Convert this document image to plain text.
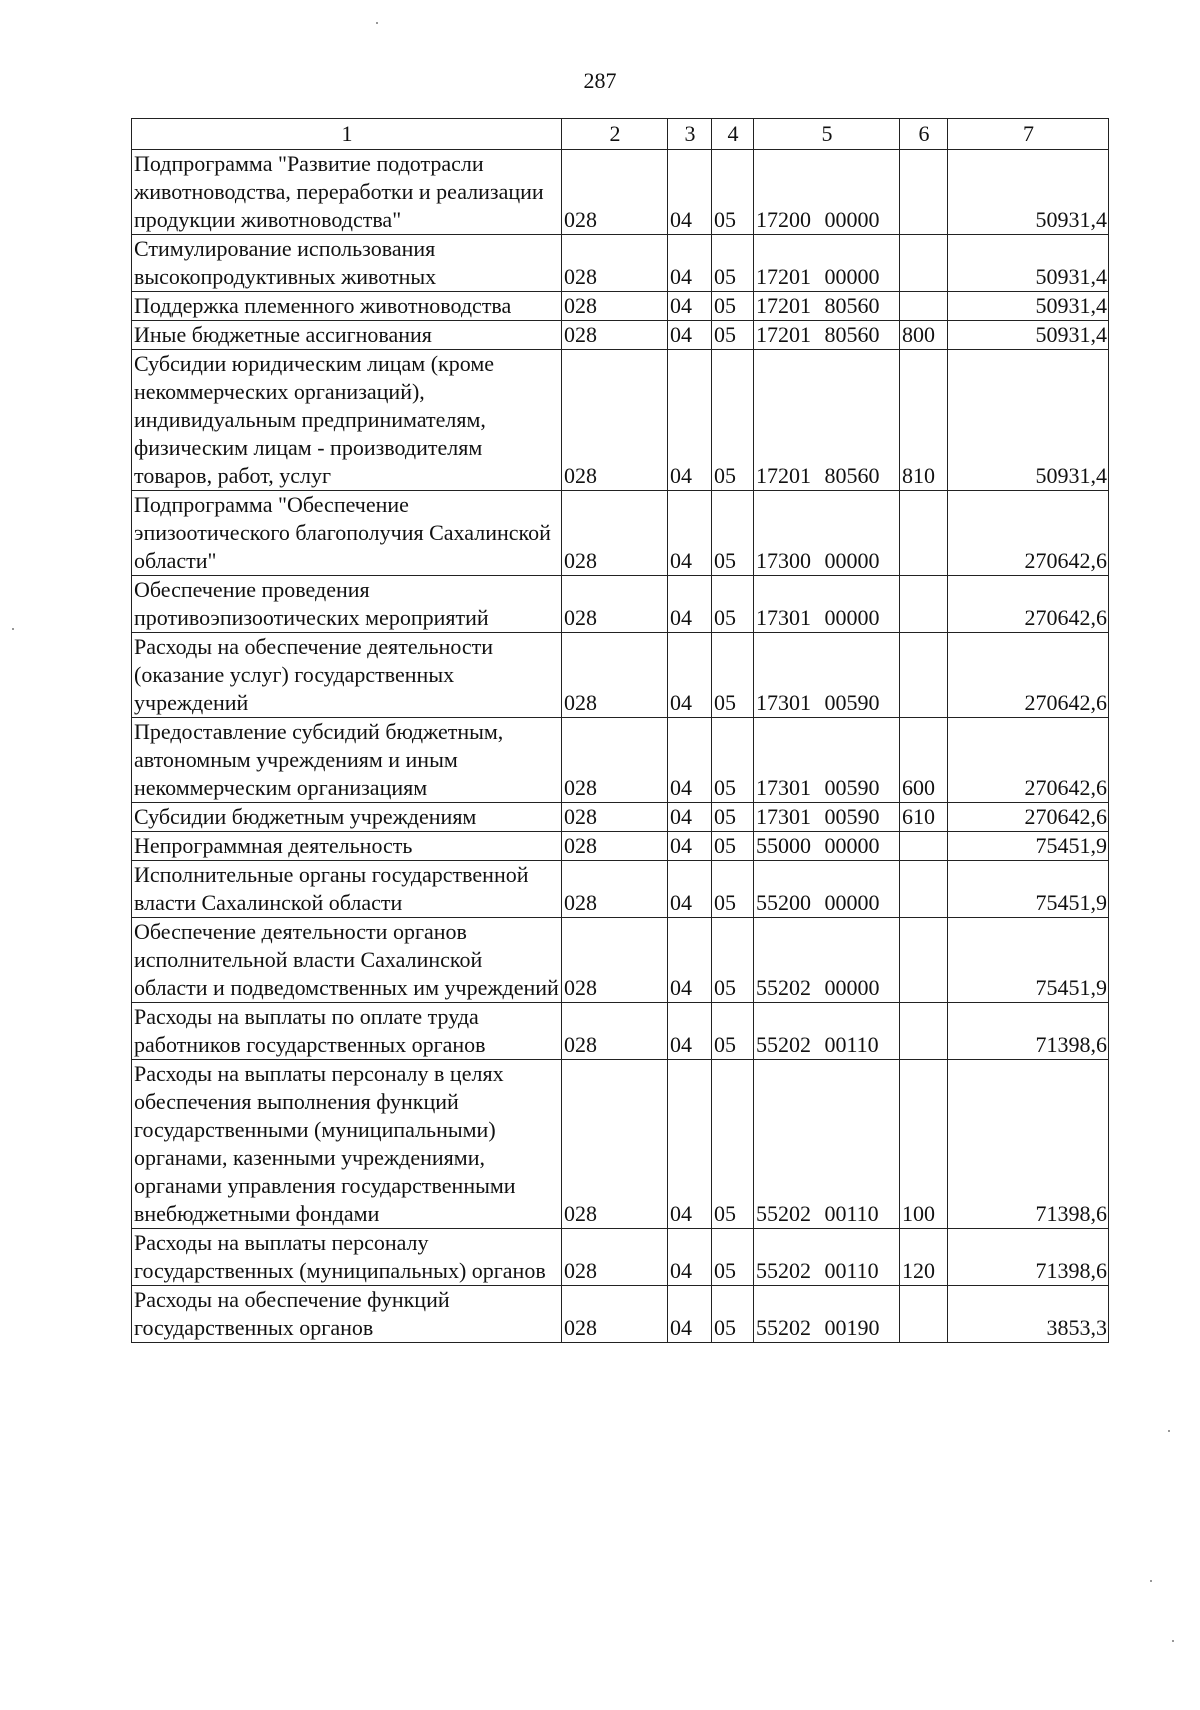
287
1	2	3	4	5	6	7
Подпрограмма "Развитие подотрасли животноводства, переработки и реализации продукции животноводства"	028	04	05	17200 00000		50931,4
Стимулирование использования высокопродуктивных животных	028	04	05	17201 00000		50931,4
Поддержка племенного животноводства	028	04	05	17201 80560		50931,4
Иные бюджетные ассигнования	028	04	05	17201 80560	800	50931,4
Субсидии юридическим лицам (кроме некоммерческих организаций), индивидуальным предпринимателям, физическим лицам - производителям товаров, работ, услуг	028	04	05	17201 80560	810	50931,4
Подпрограмма "Обеспечение эпизоотического благополучия Сахалинской области"	028	04	05	17300 00000		270642,6
Обеспечение проведения противоэпизоотических мероприятий	028	04	05	17301 00000		270642,6
Расходы на обеспечение деятельности (оказание услуг) государственных учреждений	028	04	05	17301 00590		270642,6
Предоставление субсидий бюджетным, автономным учреждениям и иным некоммерческим организациям	028	04	05	17301 00590	600	270642,6
Субсидии бюджетным учреждениям	028	04	05	17301 00590	610	270642,6
Непрограммная деятельность	028	04	05	55000 00000		75451,9
Исполнительные органы государственной власти Сахалинской области	028	04	05	55200 00000		75451,9
Обеспечение деятельности органов исполнительной власти Сахалинской области и подведомственных им учреждений	028	04	05	55202 00000		75451,9
Расходы на выплаты по оплате труда работников государственных органов	028	04	05	55202 00110		71398,6
Расходы на выплаты персоналу в целях обеспечения выполнения функций государственными (муниципальными) органами, казенными учреждениями, органами управления государственными внебюджетными фондами	028	04	05	55202 00110	100	71398,6
Расходы на выплаты персоналу государственных (муниципальных) органов	028	04	05	55202 00110	120	71398,6
Расходы на обеспечение функций государственных органов	028	04	05	55202 00190		3853,3
